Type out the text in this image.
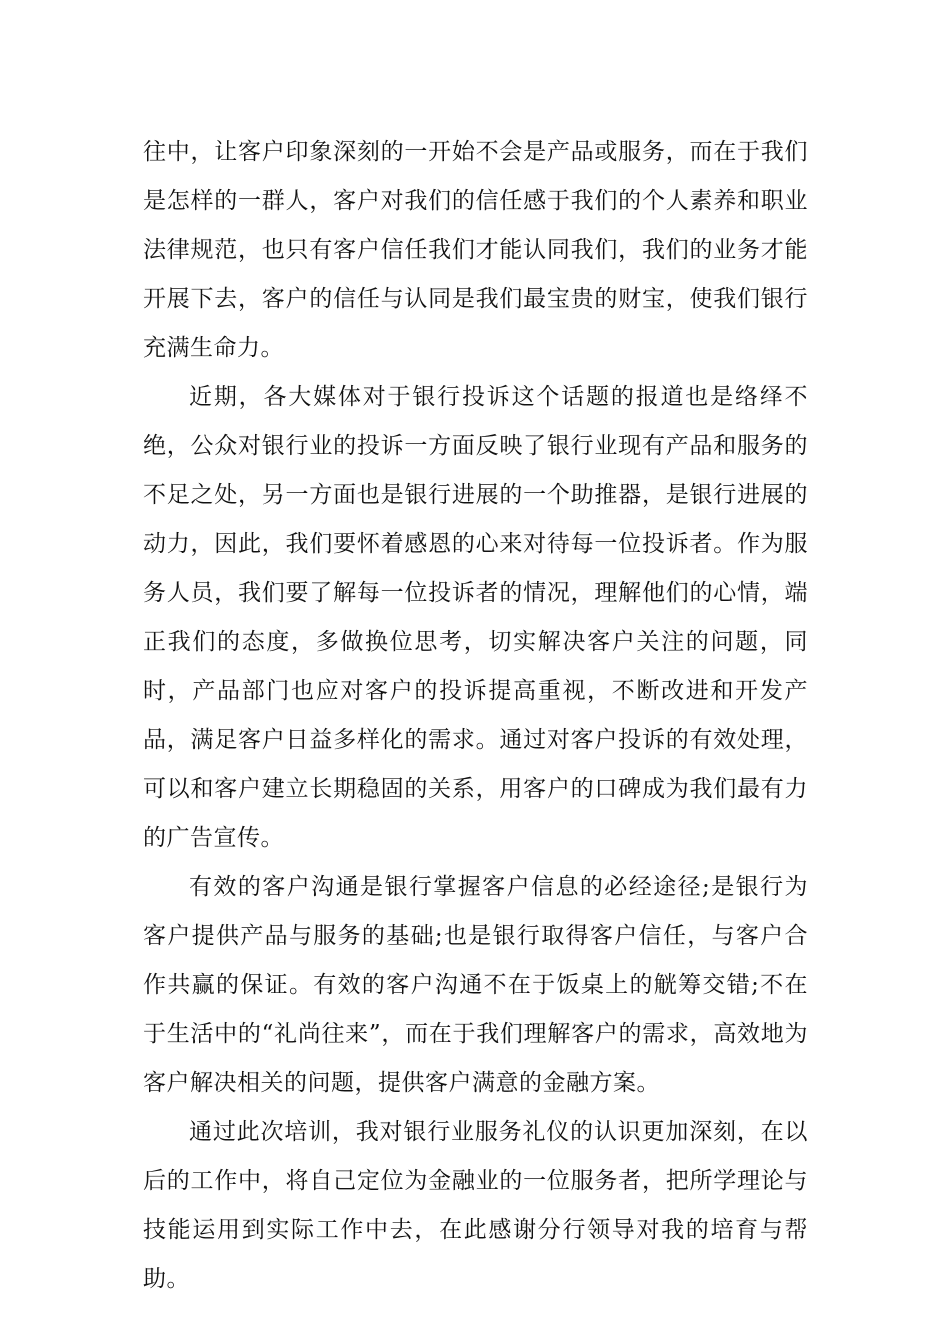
往中，让客户印象深刻的一开始不会是产品或服务，而在于我们是怎样的一群人，客户对我们的信任感于我们的个人素养和职业法律规范，也只有客户信任我们才能认同我们，我们的业务才能开展下去，客户的信任与认同是我们最宝贵的财宝，使我们银行充满生命力。

近期，各大媒体对于银行投诉这个话题的报道也是络绎不绝，公众对银行业的投诉一方面反映了银行业现有产品和服务的不足之处，另一方面也是银行进展的一个助推器，是银行进展的动力，因此，我们要怀着感恩的心来对待每一位投诉者。作为服务人员，我们要了解每一位投诉者的情况，理解他们的心情，端正我们的态度，多做换位思考，切实解决客户关注的问题，同时，产品部门也应对客户的投诉提高重视，不断改进和开发产品，满足客户日益多样化的需求。通过对客户投诉的有效处理，可以和客户建立长期稳固的关系，用客户的口碑成为我们最有力的广告宣传。

有效的客户沟通是银行掌握客户信息的必经途径;是银行为客户提供产品与服务的基础;也是银行取得客户信任，与客户合作共赢的保证。有效的客户沟通不在于饭桌上的觥筹交错;不在于生活中的“礼尚往来”，而在于我们理解客户的需求，高效地为客户解决相关的问题，提供客户满意的金融方案。

通过此次培训，我对银行业服务礼仪的认识更加深刻，在以后的工作中，将自己定位为金融业的一位服务者，把所学理论与技能运用到实际工作中去，在此感谢分行领导对我的培育与帮助。
